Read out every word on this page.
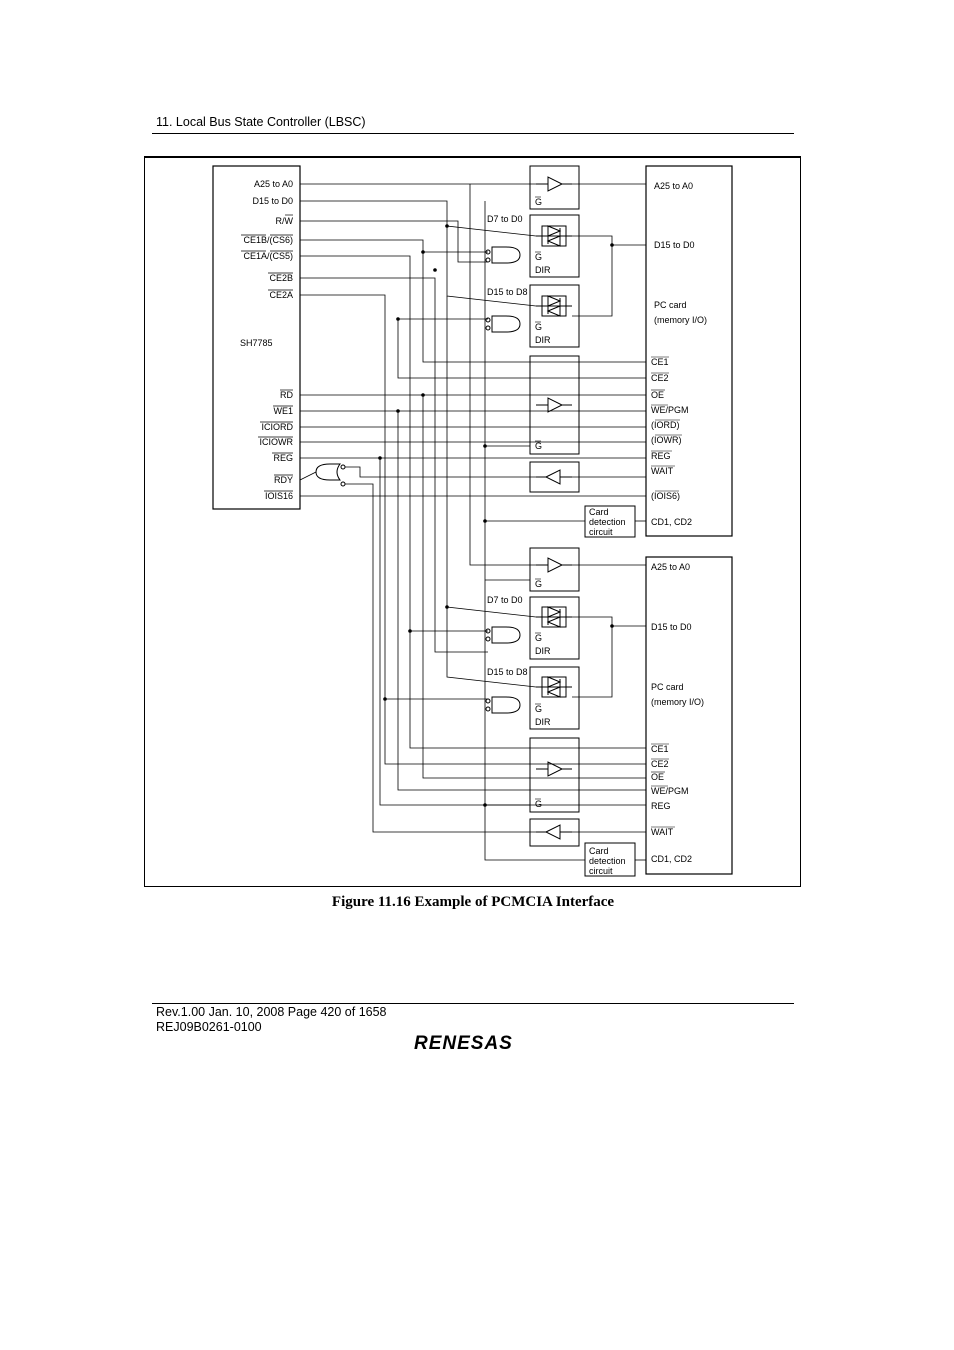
11. Local Bus State Controller (LBSC)
A25 to A0
D15 to D0
R/W
CE1B/(CS6)
CE1A/(CS5)
CE2B
CE2A
RD
WE1
ICIORD
ICIOWR
REG
RDY
IOIS16
SH7785
G
G
DIR
G
DIR
G
G
G
DIR
G
DIR
G
D7 to D0
D15 to D8
D7 to D0
D15 to D8
Card
detection
circuit
Card
detection
circuit
A25 to A0
D15 to D0
PC card
(memory I/O)
CE1
CE2
OE
WE/PGM
(IORD)
(IOWR)
REG
WAIT
(IOIS6)
CD1, CD2
A25 to A0
D15 to D0
PC card
(memory I/O)
CE1
CE2
OE
WE/PGM
REG
WAIT
CD1, CD2
Figure 11.16 Example of PCMCIA Interface
Rev.1.00 Jan. 10, 2008 Page 420 of 1658
REJ09B0261-0100
RENESAS
